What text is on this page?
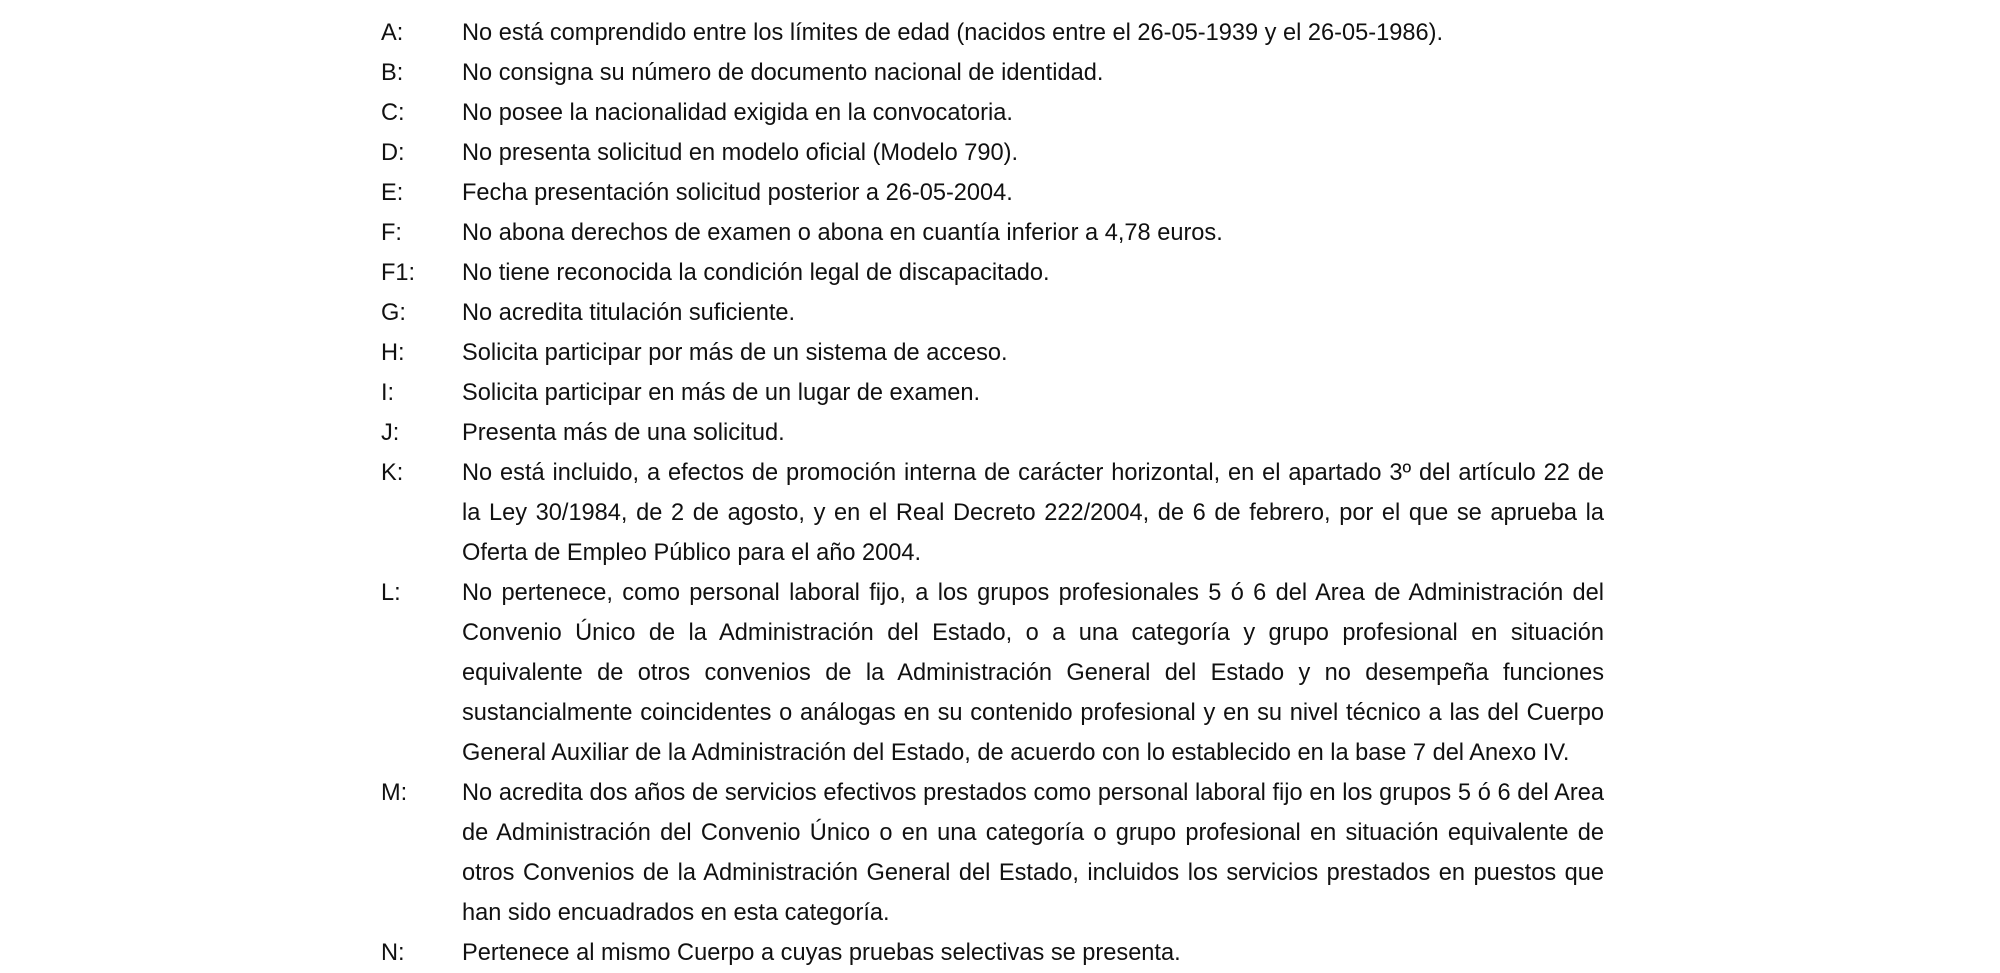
A:	No está comprendido entre los límites de edad (nacidos entre el 26-05-1939 y el 26-05-1986).
B:	No consigna su número de documento nacional de identidad.
C:	No posee la nacionalidad exigida en la convocatoria.
D:	No presenta solicitud en modelo oficial (Modelo 790).
E:	Fecha presentación solicitud posterior a 26-05-2004.
F:	No abona derechos de examen o abona en cuantía inferior a 4,78 euros.
F1:	No tiene reconocida la condición legal de discapacitado.
G:	No acredita titulación suficiente.
H:	Solicita participar por más de un sistema de acceso.
I:	Solicita participar en más de un lugar de examen.
J:	Presenta más de una solicitud.
K:	No está incluido, a efectos de promoción interna de carácter horizontal, en el apartado 3º del artículo 22 de la Ley 30/1984, de 2 de agosto, y en el Real Decreto 222/2004, de 6 de febrero, por el que se aprueba la Oferta de Empleo Público para el año 2004.
L:	No pertenece, como personal laboral fijo, a los grupos profesionales 5 ó 6 del Area de Administración del Convenio Único de la Administración del Estado, o a una categoría y grupo profesional en situación equivalente de otros convenios de la Administración General del Estado y no desempeña funciones sustancialmente coincidentes o análogas en su contenido profesional y en su nivel técnico a las del Cuerpo General Auxiliar de la Administración del Estado, de acuerdo con lo establecido en la base 7 del Anexo IV.
M:	No acredita dos años de servicios efectivos prestados como personal laboral fijo en los grupos 5 ó 6 del Area de Administración del Convenio Único o en una categoría o grupo profesional en situación equivalente de otros Convenios de la Administración General del Estado, incluidos los servicios prestados en puestos que han sido encuadrados en esta categoría.
N:	Pertenece al mismo Cuerpo a cuyas pruebas selectivas se presenta.
